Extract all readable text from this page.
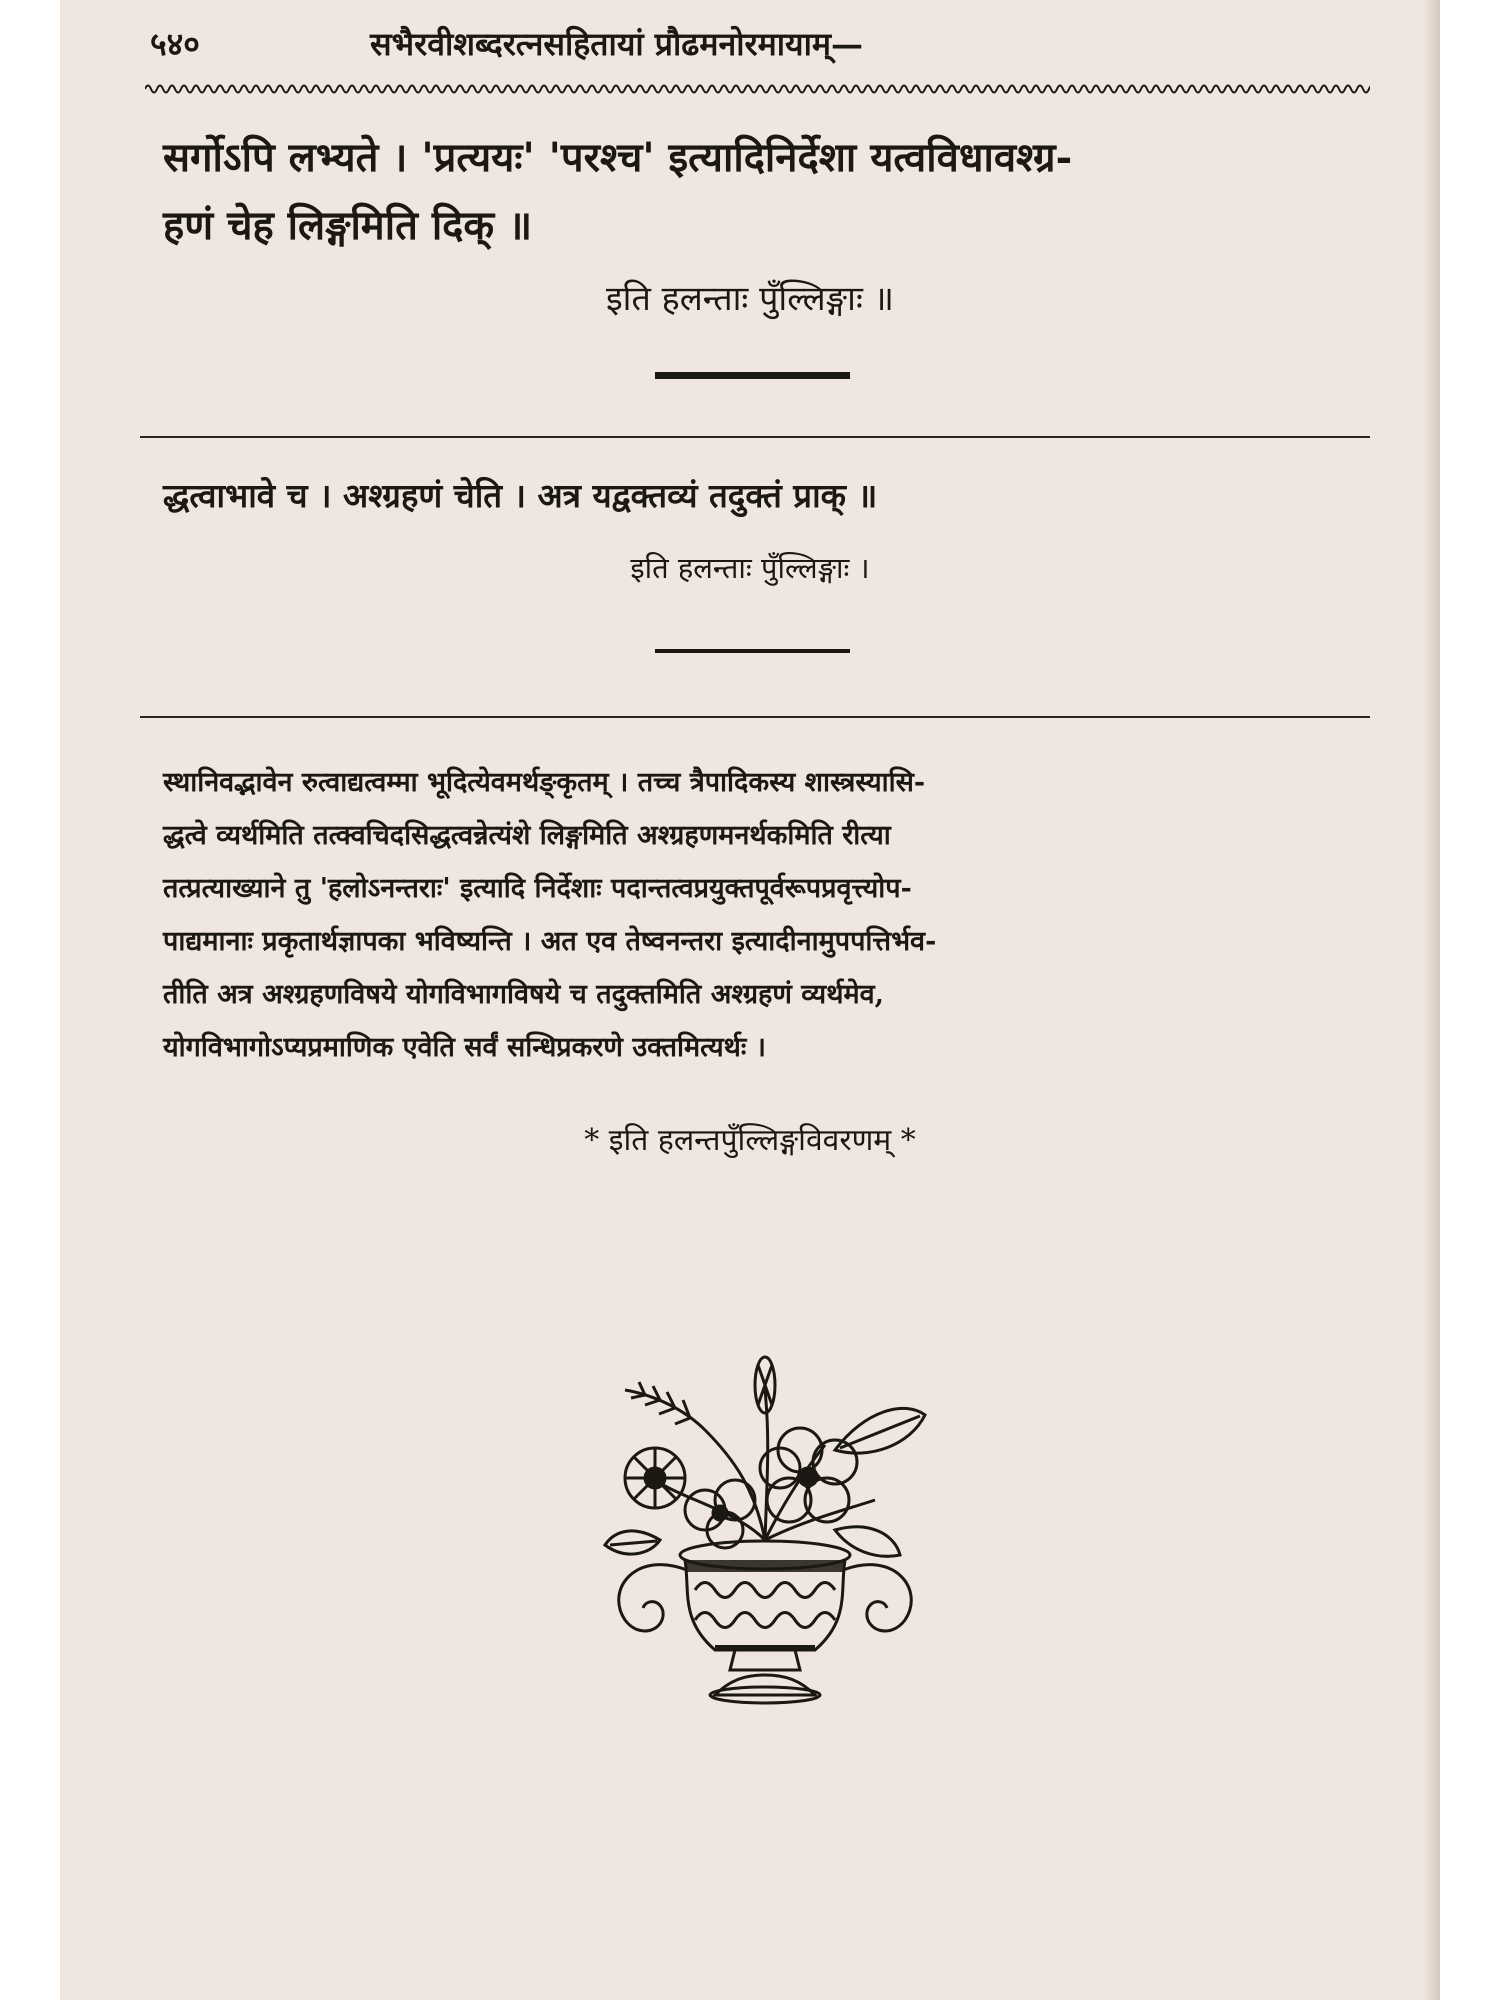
५४०	सभैरवीशब्दरत्नसहितायां प्रौढमनोरमायाम्—
सर्गोऽपि लभ्यते । 'प्रत्ययः' 'परश्च' इत्यादिनिर्देशा यत्वविधावश्ग्र-
हणं चेह लिङ्गमिति दिक् ॥
इति हलन्ताः पुँल्लिङ्गाः ॥
द्धत्वाभावे च । अश्ग्रहणं चेति । अत्र यद्वक्तव्यं तदुक्तं प्राक् ॥
इति हलन्ताः पुँल्लिङ्गाः ।
स्थानिवद्भावेन रुत्वाद्यत्वम्मा भूदित्येवमर्थङ्कृतम् । तच्च त्रैपादिकस्य शास्त्रस्यासि-
द्धत्वे व्यर्थमिति तत्क्वचिदसिद्धत्वन्नेत्यंशे लिङ्गमिति अश्ग्रहणमनर्थकमिति रीत्या
तत्प्रत्याख्याने तु 'हलोऽनन्तराः' इत्यादि निर्देशाः पदान्तत्वप्रयुक्तपूर्वरूपप्रवृत्त्योप-
पाद्यमानाः प्रकृतार्थज्ञापका भविष्यन्ति । अत एव तेष्वनन्तरा इत्यादीनामुपपत्तिर्भव-
तीति अत्र अश्ग्रहणविषये योगविभागविषये च तदुक्तमिति अश्ग्रहणं व्यर्थमेव,
योगविभागोऽप्यप्रमाणिक एवेति सर्वं सन्धिप्रकरणे उक्तमित्यर्थः ।
* इति हलन्तपुँल्लिङ्गविवरणम् *
